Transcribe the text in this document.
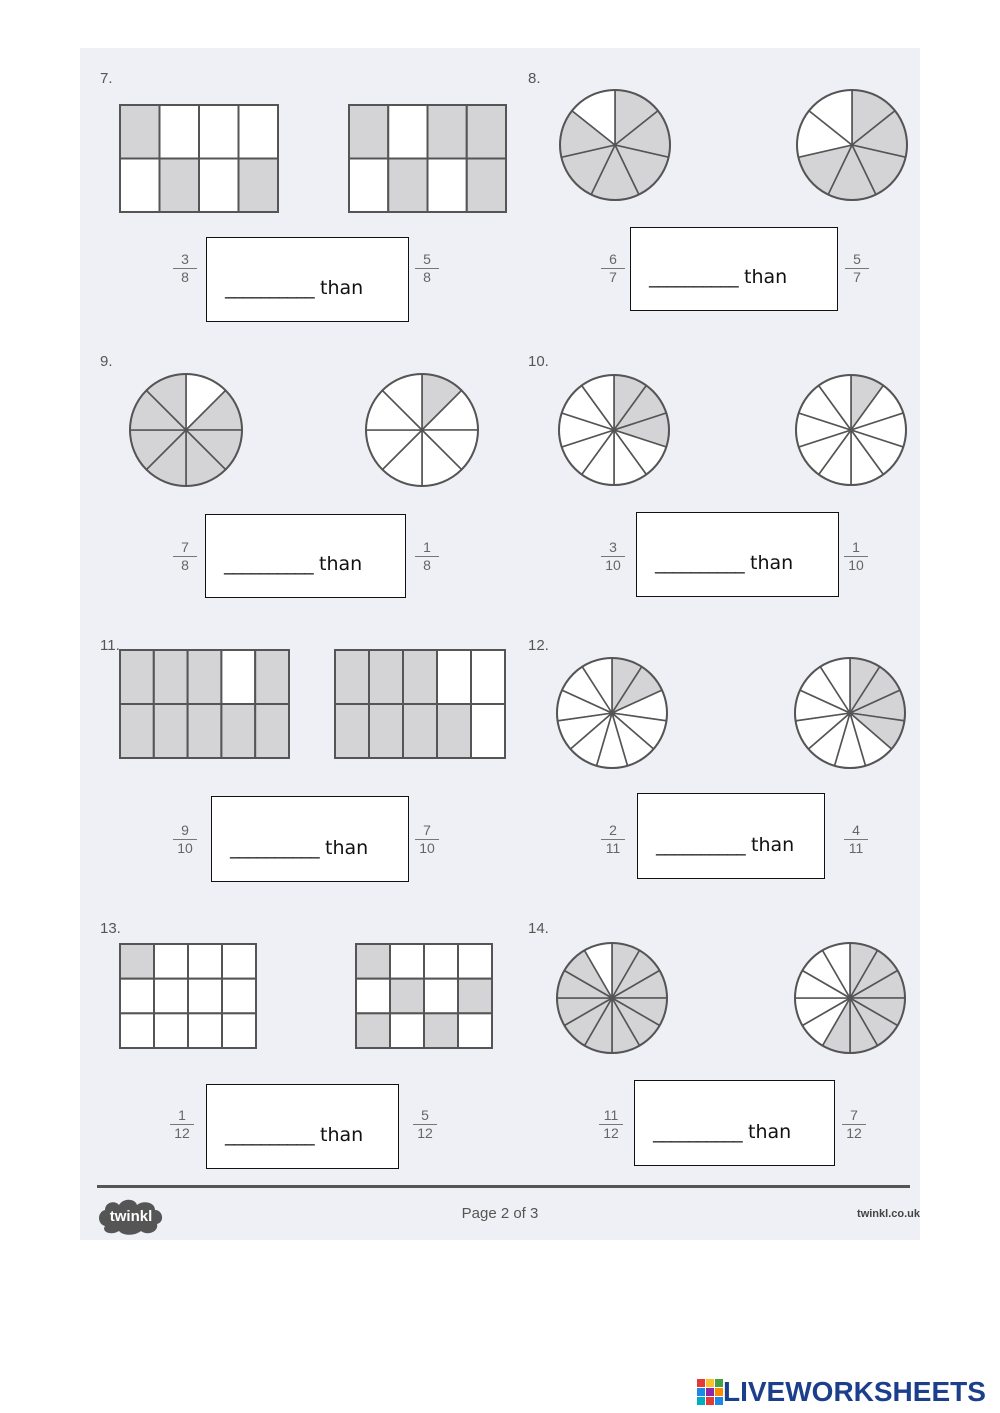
7.
$\frac{3}{8}$	$\frac{5}{8}$
__________ than
8.
$\frac{6}{7}$	$\frac{5}{7}$
__________ than
9.
$\frac{7}{8}$	$\frac{1}{8}$
__________ than
10.
$\frac{3}{10}$	$\frac{1}{10}$
__________ than
11.
$\frac{9}{10}$	$\frac{7}{10}$
__________ than
12.
$\frac{2}{11}$	$\frac{4}{11}$
__________ than
13.
$\frac{1}{12}$	$\frac{5}{12}$
__________ than
14.
$\frac{11}{12}$	$\frac{7}{12}$
__________ than
twinkl	Page 2 of 3	twinkl.co.uk
LIVEWORKSHEETS
